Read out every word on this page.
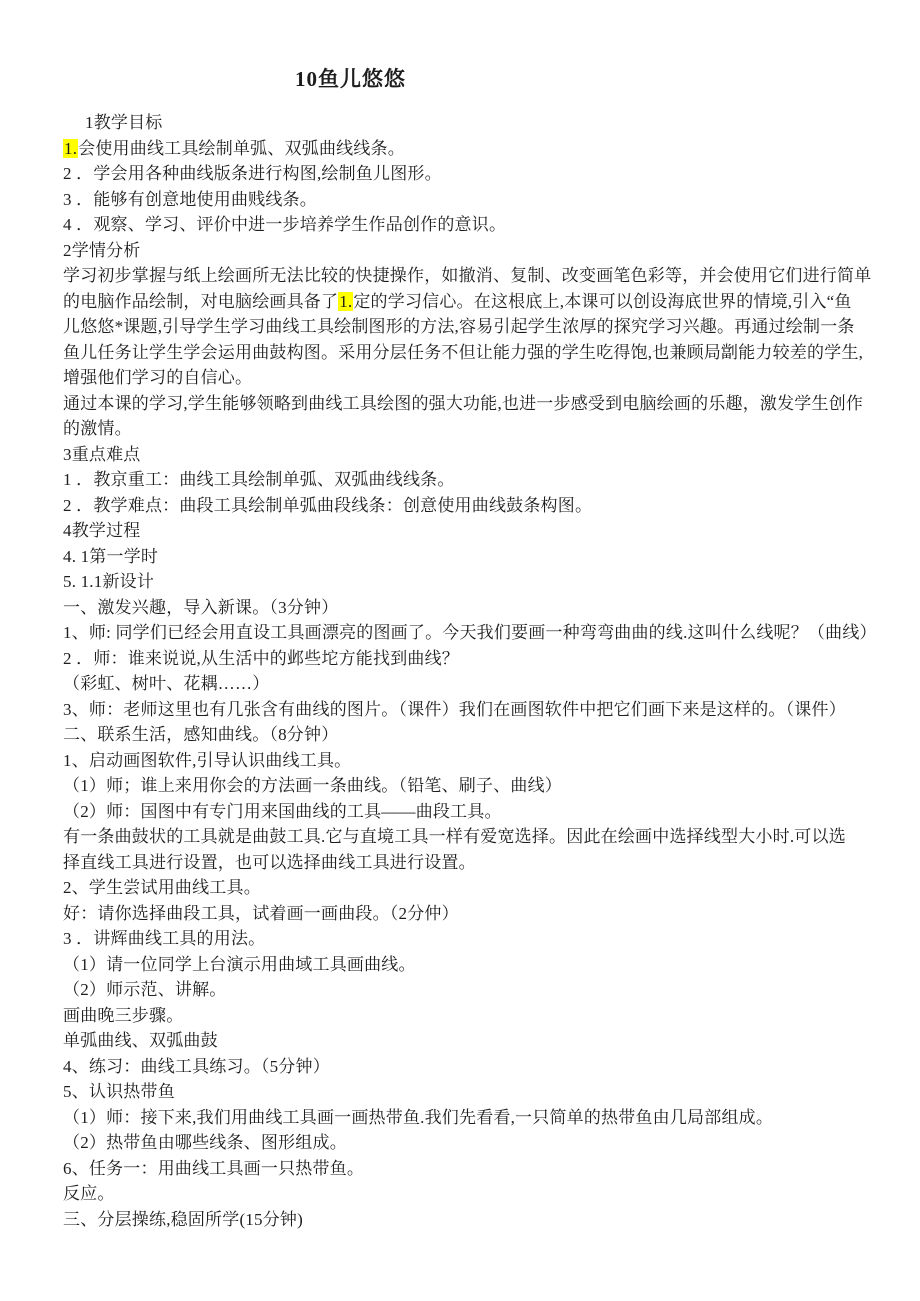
10鱼儿悠悠

1教学目标

1.会使用曲线工具绘制单弧、双弧曲线线条。

2 ．学会用各种曲线版条进行构图,绘制鱼儿图形。

3 ．能够有创意地使用曲贱线条。

4 ．观察、学习、评价中进一步培养学生作品创作的意识。

2学情分析

学习初步掌握与纸上绘画所无法比较的快捷操作，如撤消、复制、改变画笔色彩等，并会使用它们进行简单

的电脑作品绘制，对电脑绘画具备了1.定的学习信心。在这根底上,本课可以创设海底世界的情境,引入“鱼

儿悠悠*课题,引导学生学习曲线工具绘制图形的方法,容易引起学生浓厚的探究学习兴趣。再通过绘制一条

鱼儿任务让学生学会运用曲鼓构图。采用分层任务不但让能力强的学生吃得饱,也兼顾局劏能力较差的学生,

增强他们学习的自信心。

通过本课的学习,学生能够领略到曲线工具绘图的强大功能,也进一步感受到电脑绘画的乐趣，激发学生创作

的激情。

3重点难点

1 ．教京重工：曲线工具绘制单弧、双弧曲线线条。

2 ．教学难点：曲段工具绘制单弧曲段线条：创意使用曲线鼓条构图。

4教学过程

4. 1第一学时

5. 1.1新设计

一、激发兴趣，导入新课。（3分钟）

1、师: 同学们已经会用直设工具画漂亮的图画了。今天我们要画一种弯弯曲曲的线.这叫什么线呢？（曲线）

2 ．师：谁来说说,从生活中的邺些坨方能找到曲线？

（彩虹、树叶、花耦……）

3、师：老师这里也有几张含有曲线的图片。（课件）我们在画图软件中把它们画下来是这样的。（课件）

二、联系生活，感知曲线。（8分钟）

1、启动画图软件,引导认识曲线工具。

（1）师；谁上来用你会的方法画一条曲线。（铅笔、刷子、曲线）

（2）师：国图中有专门用来国曲线的工具——曲段工具。

有一条曲鼓状的工具就是曲鼓工具.它与直境工具一样有爱宽选择。因此在绘画中选择线型大小时.可以选

择直线工具进行设置，也可以选择曲线工具进行设置。

2、学生尝试用曲线工具。

好：请你选择曲段工具，试着画一画曲段。（2分仲）

3 ．讲辉曲线工具的用法。

（1）请一位同学上台演示用曲域工具画曲线。

（2）师示范、讲解。

画曲晚三步骤。

单弧曲线、双弧曲鼓

4、练习：曲线工具练习。（5分钟）

5、认识热带鱼

（1）师：接下来,我们用曲线工具画一画热带鱼.我们先看看,一只简单的热带鱼由几局部组成。

（2）热带鱼由哪些线条、图形组成。

6、任务一：用曲线工具画一只热带鱼。

反应。

三、分层操练,稳固所学(15分钟)
